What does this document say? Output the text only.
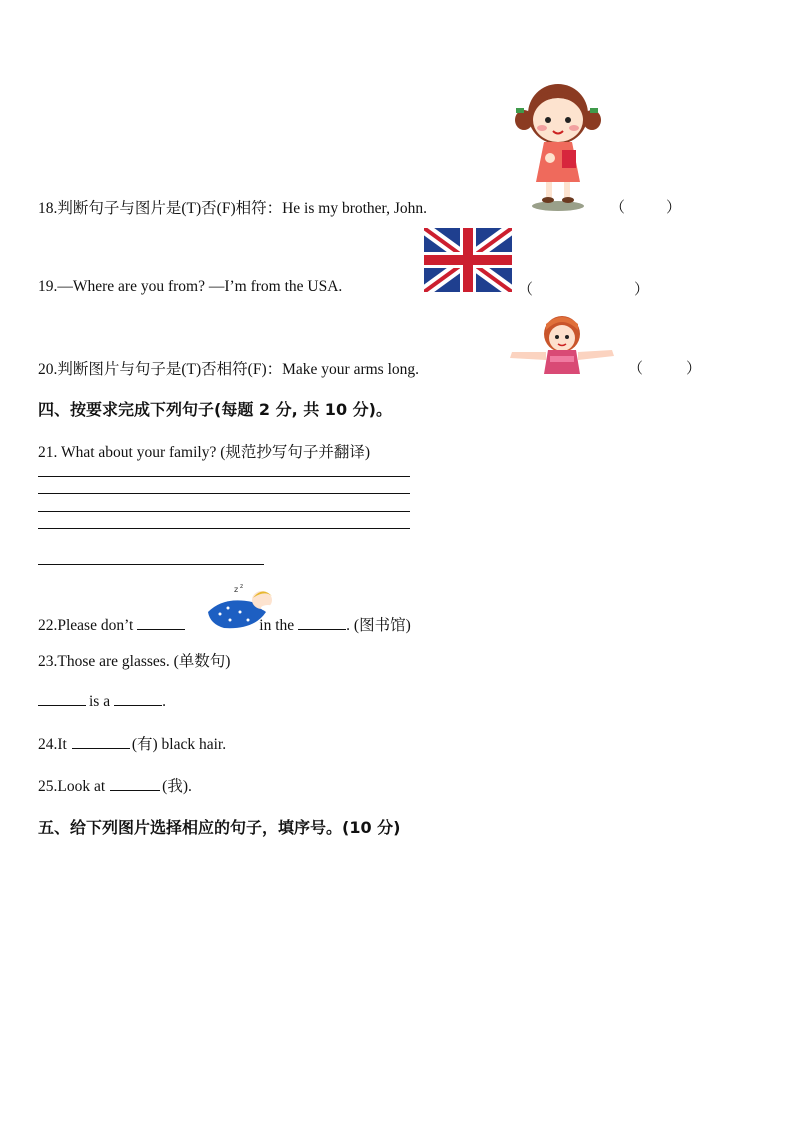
18.判断句子与图片是(T)否(F)相符：He is my brother, John.	（	）
19.—Where are you from? —I’m from the USA.	（	）
20.判断图片与句子是(T)否相符(F)：Make your arms long.	（	）
四、按要求完成下列句子(每题 2 分, 共 10 分)。
21. What about your family? (规范抄写句子并翻译)
z z
22.Please don’t	in the	. (图书馆)
23.Those are glasses. (单数句)
is a	.
24.It	(有) black hair.
25.Look at	(我).
五、给下列图片选择相应的句子，填序号。(10 分)
